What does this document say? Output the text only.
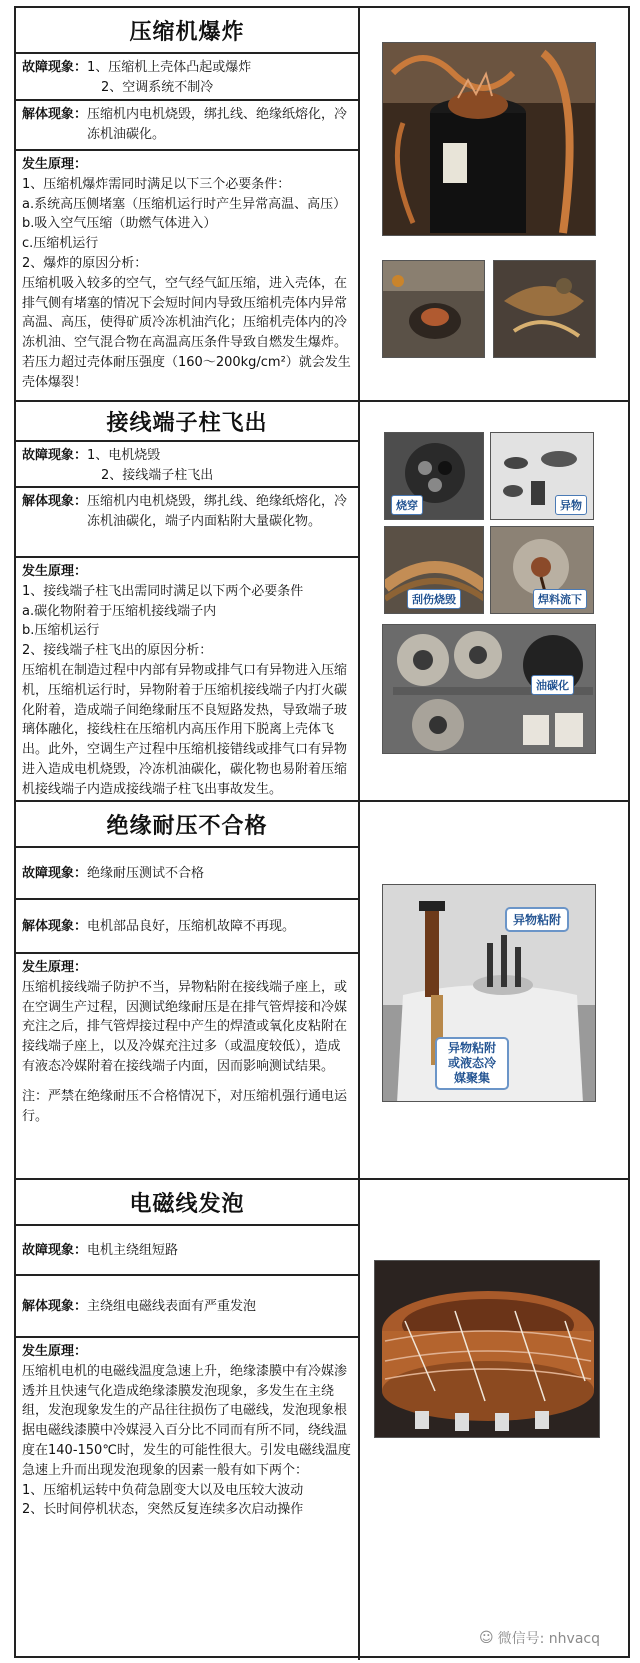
压缩机爆炸
故障现象： 1、压缩机上壳体凸起或爆炸
2、空调系统不制冷
解体现象： 压缩机内电机烧毁，绑扎线、绝缘纸熔化，冷冻机油碳化。
发生原理：
1、压缩机爆炸需同时满足以下三个必要条件：
a.系统高压侧堵塞（压缩机运行时产生异常高温、高压）
b.吸入空气压缩（助燃气体进入）
c.压缩机运行
2、爆炸的原因分析：
压缩机吸入较多的空气，空气经气缸压缩，进入壳体，在排气侧有堵塞的情况下会短时间内导致压缩机壳体内异常高温、高压，使得矿质冷冻机油汽化；压缩机壳体内的冷冻机油、空气混合物在高温高压条件导致自燃发生爆炸。
若压力超过壳体耐压强度（160～200kg/cm²）就会发生壳体爆裂！
接线端子柱飞出
故障现象： 1、电机烧毁
2、接线端子柱飞出
解体现象： 压缩机内电机烧毁，绑扎线、绝缘纸熔化，冷冻机油碳化，端子内面粘附大量碳化物。
发生原理：
1、接线端子柱飞出需同时满足以下两个必要条件
a.碳化物附着于压缩机接线端子内
b.压缩机运行
2、接线端子柱飞出的原因分析：
压缩机在制造过程中内部有异物或排气口有异物进入压缩机，压缩机运行时，异物附着于压缩机接线端子内打火碳化附着，造成端子间绝缘耐压不良短路发热，导致端子玻璃体融化，接线柱在压缩机内高压作用下脱离上壳体飞出。此外，空调生产过程中压缩机接错线或排气口有异物进入造成电机烧毁，冷冻机油碳化，碳化物也易附着压缩机接线端子内造成接线端子柱飞出事故发生。
烧穿	异物
刮伤烧毁	焊料流下
油碳化
绝缘耐压不合格
故障现象： 绝缘耐压测试不合格
解体现象： 电机部品良好，压缩机故障不再现。
发生原理：
压缩机接线端子防护不当，异物粘附在接线端子座上，或在空调生产过程，因测试绝缘耐压是在排气管焊接和冷媒充注之后，排气管焊接过程中产生的焊渣或氧化皮粘附在接线端子座上，以及冷媒充注过多（或温度较低），造成有液态冷媒附着在接线端子内面，因而影响测试结果。
注：严禁在绝缘耐压不合格情况下，对压缩机强行通电运行。
异物粘附
异物粘附或液态冷媒聚集
电磁线发泡
故障现象： 电机主绕组短路
解体现象： 主绕组电磁线表面有严重发泡
发生原理：
压缩机电机的电磁线温度急速上升，绝缘漆膜中有冷媒渗透并且快速气化造成绝缘漆膜发泡现象，多发生在主绕组，发泡现象发生的产品往往损伤了电磁线，发泡现象根据电磁线漆膜中冷媒浸入百分比不同而有所不同，绕线温度在140-150℃时，发生的可能性很大。引发电磁线温度急速上升而出现发泡现象的因素一般有如下两个：
1、压缩机运转中负荷急剧变大以及电压较大波动
2、长时间停机状态，突然反复连续多次启动操作
☺ 微信号: nhvacq
